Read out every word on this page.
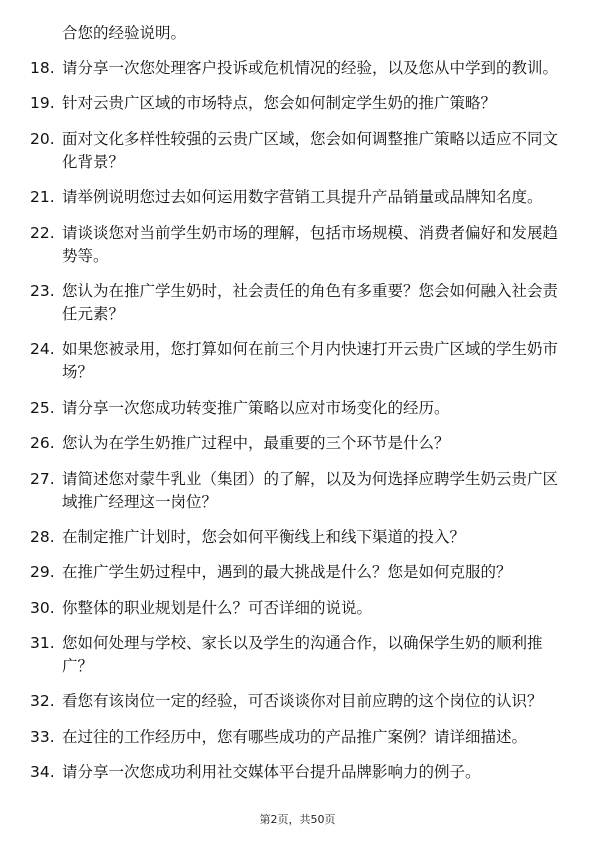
合您的经验说明。

18. 请分享一次您处理客户投诉或危机情况的经验，以及您从中学到的教训。
19. 针对云贵广区域的市场特点，您会如何制定学生奶的推广策略？
20. 面对文化多样性较强的云贵广区域，您会如何调整推广策略以适应不同文化背景？
21. 请举例说明您过去如何运用数字营销工具提升产品销量或品牌知名度。
22. 请谈谈您对当前学生奶市场的理解，包括市场规模、消费者偏好和发展趋势等。
23. 您认为在推广学生奶时，社会责任的角色有多重要？您会如何融入社会责任元素？
24. 如果您被录用，您打算如何在前三个月内快速打开云贵广区域的学生奶市场？
25. 请分享一次您成功转变推广策略以应对市场变化的经历。
26. 您认为在学生奶推广过程中，最重要的三个环节是什么？
27. 请简述您对蒙牛乳业（集团）的了解，以及为何选择应聘学生奶云贵广区域推广经理这一岗位？
28. 在制定推广计划时，您会如何平衡线上和线下渠道的投入？
29. 在推广学生奶过程中，遇到的最大挑战是什么？您是如何克服的？
30. 你整体的职业规划是什么？可否详细的说说。
31. 您如何处理与学校、家长以及学生的沟通合作，以确保学生奶的顺利推广？
32. 看您有该岗位一定的经验，可否谈谈你对目前应聘的这个岗位的认识？
33. 在过往的工作经历中，您有哪些成功的产品推广案例？请详细描述。
34. 请分享一次您成功利用社交媒体平台提升品牌影响力的例子。
第2页，共50页
